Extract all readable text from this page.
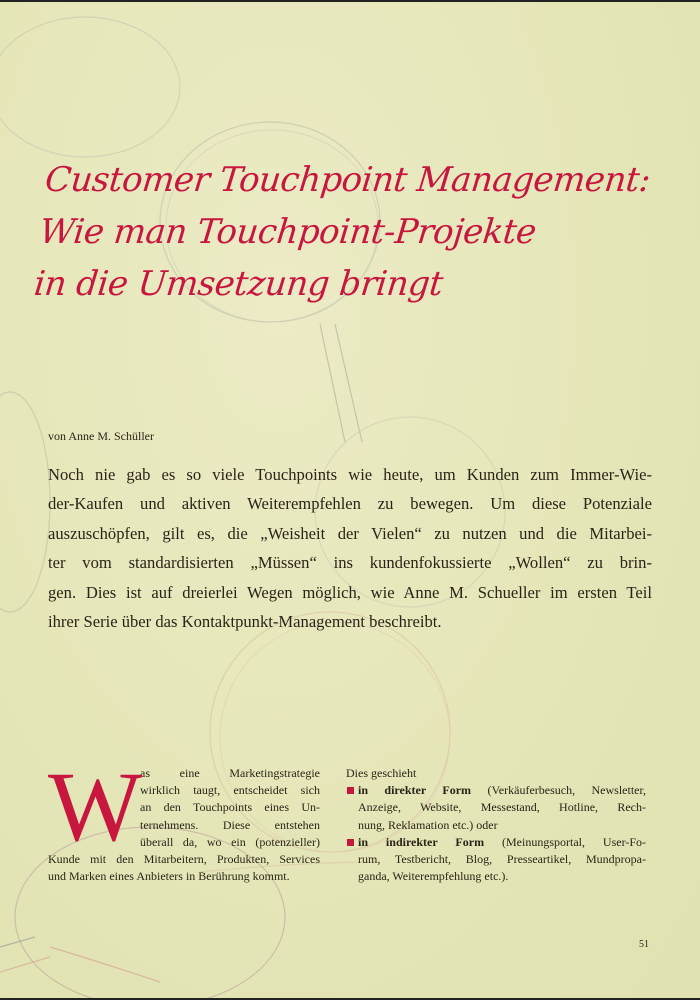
Customer Touchpoint Management:
Wie man Touchpoint-Projekte
in die Umsetzung bringt
von Anne M. Schüller

Noch nie gab es so viele Touchpoints wie heute, um Kunden zum Immer-Wie-
der-Kaufen und aktiven Weiterempfehlen zu bewegen. Um diese Potenziale
auszuschöpfen, gilt es, die „Weisheit der Vielen“ zu nutzen und die Mitarbei-
ter vom standardisierten „Müssen“ ins kundenfokussierte „Wollen“ zu brin-
gen. Dies ist auf dreierlei Wegen möglich, wie Anne M. Schueller im ersten Teil
ihrer Serie über das Kontaktpunkt-Management beschreibt.

W
as eine Marketingstrategie
wirklich taugt, entscheidet sich
an den Touchpoints eines Un-
ternehmens. Diese entstehen
überall da, wo ein (potenzieller)
Kunde mit den Mitarbeitern, Produkten, Services
und Marken eines Anbieters in Berührung kommt.
Dies geschieht
in direkter Form (Verkäuferbesuch, Newsletter,
Anzeige, Website, Messestand, Hotline, Rech-
nung, Reklamation etc.) oder
in indirekter Form (Meinungsportal, User-Fo-
rum, Testbericht, Blog, Presseartikel, Mundpropa-
ganda, Weiterempfehlung etc.).
51
